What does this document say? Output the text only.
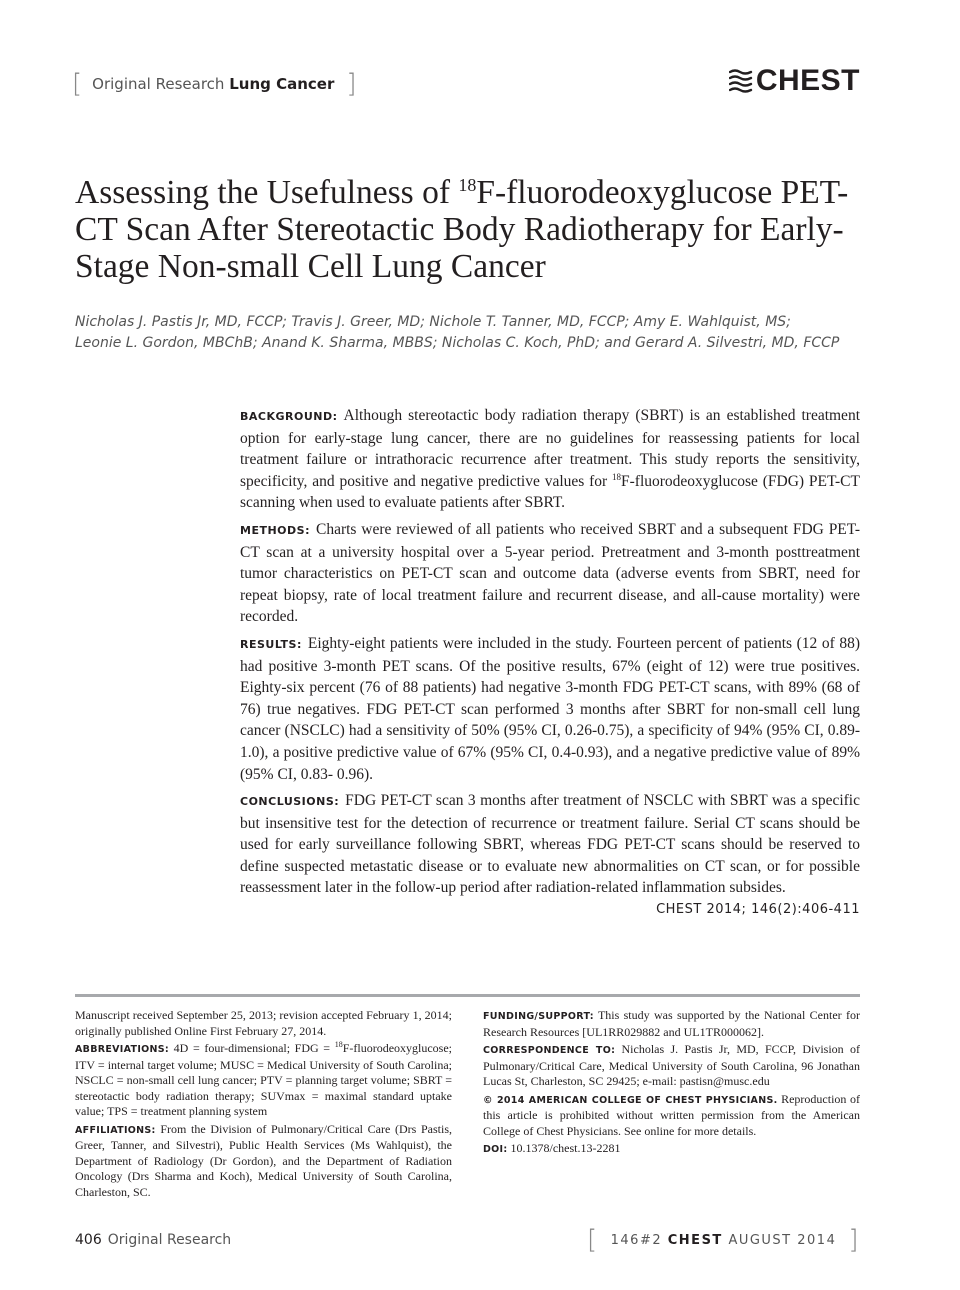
[ Original Research Lung Cancer ]	CHEST
Assessing the Usefulness of $^{18}$F-fluorodeoxyglucose PET-CT Scan After Stereotactic Body Radiotherapy for Early-Stage Non-small Cell Lung Cancer
Nicholas J. Pastis Jr, MD, FCCP; Travis J. Greer, MD; Nichole T. Tanner, MD, FCCP; Amy E. Wahlquist, MS;
Leonie L. Gordon, MBChB; Anand K. Sharma, MBBS; Nicholas C. Koch, PhD; and Gerard A. Silvestri, MD, FCCP

BACKGROUND: Although stereotactic body radiation therapy (SBRT) is an established treatment option for early-stage lung cancer, there are no guidelines for reassessing patients for local treatment failure or intrathoracic recurrence after treatment. This study reports the sensitivity, specificity, and positive and negative predictive values for $^{18}$F-fluorodeoxyglucose (FDG) PET-CT scanning when used to evaluate patients after SBRT.

METHODS: Charts were reviewed of all patients who received SBRT and a subsequent FDG PET-CT scan at a university hospital over a 5-year period. Pretreatment and 3-month posttreatment tumor characteristics on PET-CT scan and outcome data (adverse events from SBRT, need for repeat biopsy, rate of local treatment failure and recurrent disease, and all-cause mortality) were recorded.

RESULTS: Eighty-eight patients were included in the study. Fourteen percent of patients (12 of 88) had positive 3-month PET scans. Of the positive results, 67% (eight of 12) were true positives. Eighty-six percent (76 of 88 patients) had negative 3-month FDG PET-CT scans, with 89% (68 of 76) true negatives. FDG PET-CT scan performed 3 months after SBRT for non-small cell lung cancer (NSCLC) had a sensitivity of 50% (95% CI, 0.26-0.75), a specificity of 94% (95% CI, 0.89-1.0), a positive predictive value of 67% (95% CI, 0.4-0.93), and a negative predictive value of 89% (95% CI, 0.83- 0.96).

CONCLUSIONS: FDG PET-CT scan 3 months after treatment of NSCLC with SBRT was a specific but insensitive test for the detection of recurrence or treatment failure. Serial CT scans should be used for early surveillance following SBRT, whereas FDG PET-CT scans should be reserved to define suspected metastatic disease or to evaluate new abnormalities on CT scan, or for possible reassessment later in the follow-up period after radiation-related inflammation subsides.
CHEST 2014; 146(2):406-411

Manuscript received September 25, 2013; revision accepted February 1, 2014; originally published Online First February 27, 2014.

ABBREVIATIONS: 4D = four-dimensional; FDG = $^{18}$F-fluorodeoxyglucose; ITV = internal target volume; MUSC = Medical University of South Carolina; NSCLC = non-small cell lung cancer; PTV = planning target volume; SBRT = stereotactic body radiation therapy; SUVmax = maximal standard uptake value; TPS = treatment planning system

AFFILIATIONS: From the Division of Pulmonary/Critical Care (Drs Pastis, Greer, Tanner, and Silvestri), Public Health Services (Ms Wahlquist), the Department of Radiology (Dr Gordon), and the Department of Radiation Oncology (Drs Sharma and Koch), Medical University of South Carolina, Charleston, SC.

FUNDING/SUPPORT: This study was supported by the National Center for Research Resources [UL1RR029882 and UL1TR000062].

CORRESPONDENCE TO: Nicholas J. Pastis Jr, MD, FCCP, Division of Pulmonary/Critical Care, Medical University of South Carolina, 96 Jonathan Lucas St, Charleston, SC 29425; e-mail: pastisn@musc.edu

© 2014 AMERICAN COLLEGE OF CHEST PHYSICIANS. Reproduction of this article is prohibited without written permission from the American College of Chest Physicians. See online for more details.

DOI: 10.1378/chest.13-2281

406 Original Research	[ 146#2 CHEST AUGUST 2014 ]
